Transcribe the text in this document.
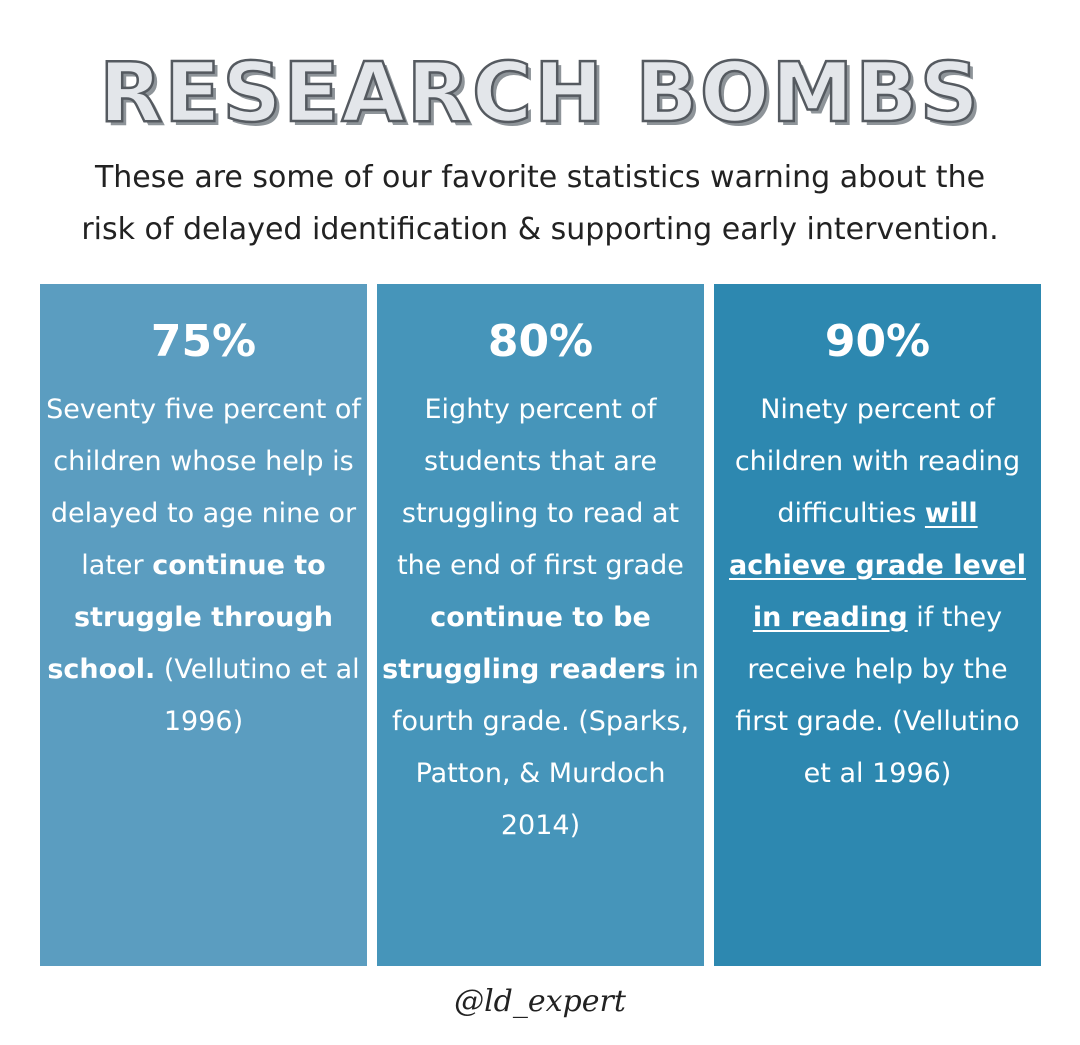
RESEARCH BOMBS

These are some of our favorite statistics warning about the
risk of delayed identification & supporting early intervention.

75%

Seventy five percent of children whose help is delayed to age nine or later continue to struggle through school. (Vellutino et al 1996)

80%

Eighty percent of students that are struggling to read at the end of first grade continue to be struggling readers in fourth grade. (Sparks, Patton, & Murdoch 2014)

90%

Ninety percent of children with reading difficulties will achieve grade level in reading if they receive help by the first grade. (Vellutino et al 1996)

@ld_expert
